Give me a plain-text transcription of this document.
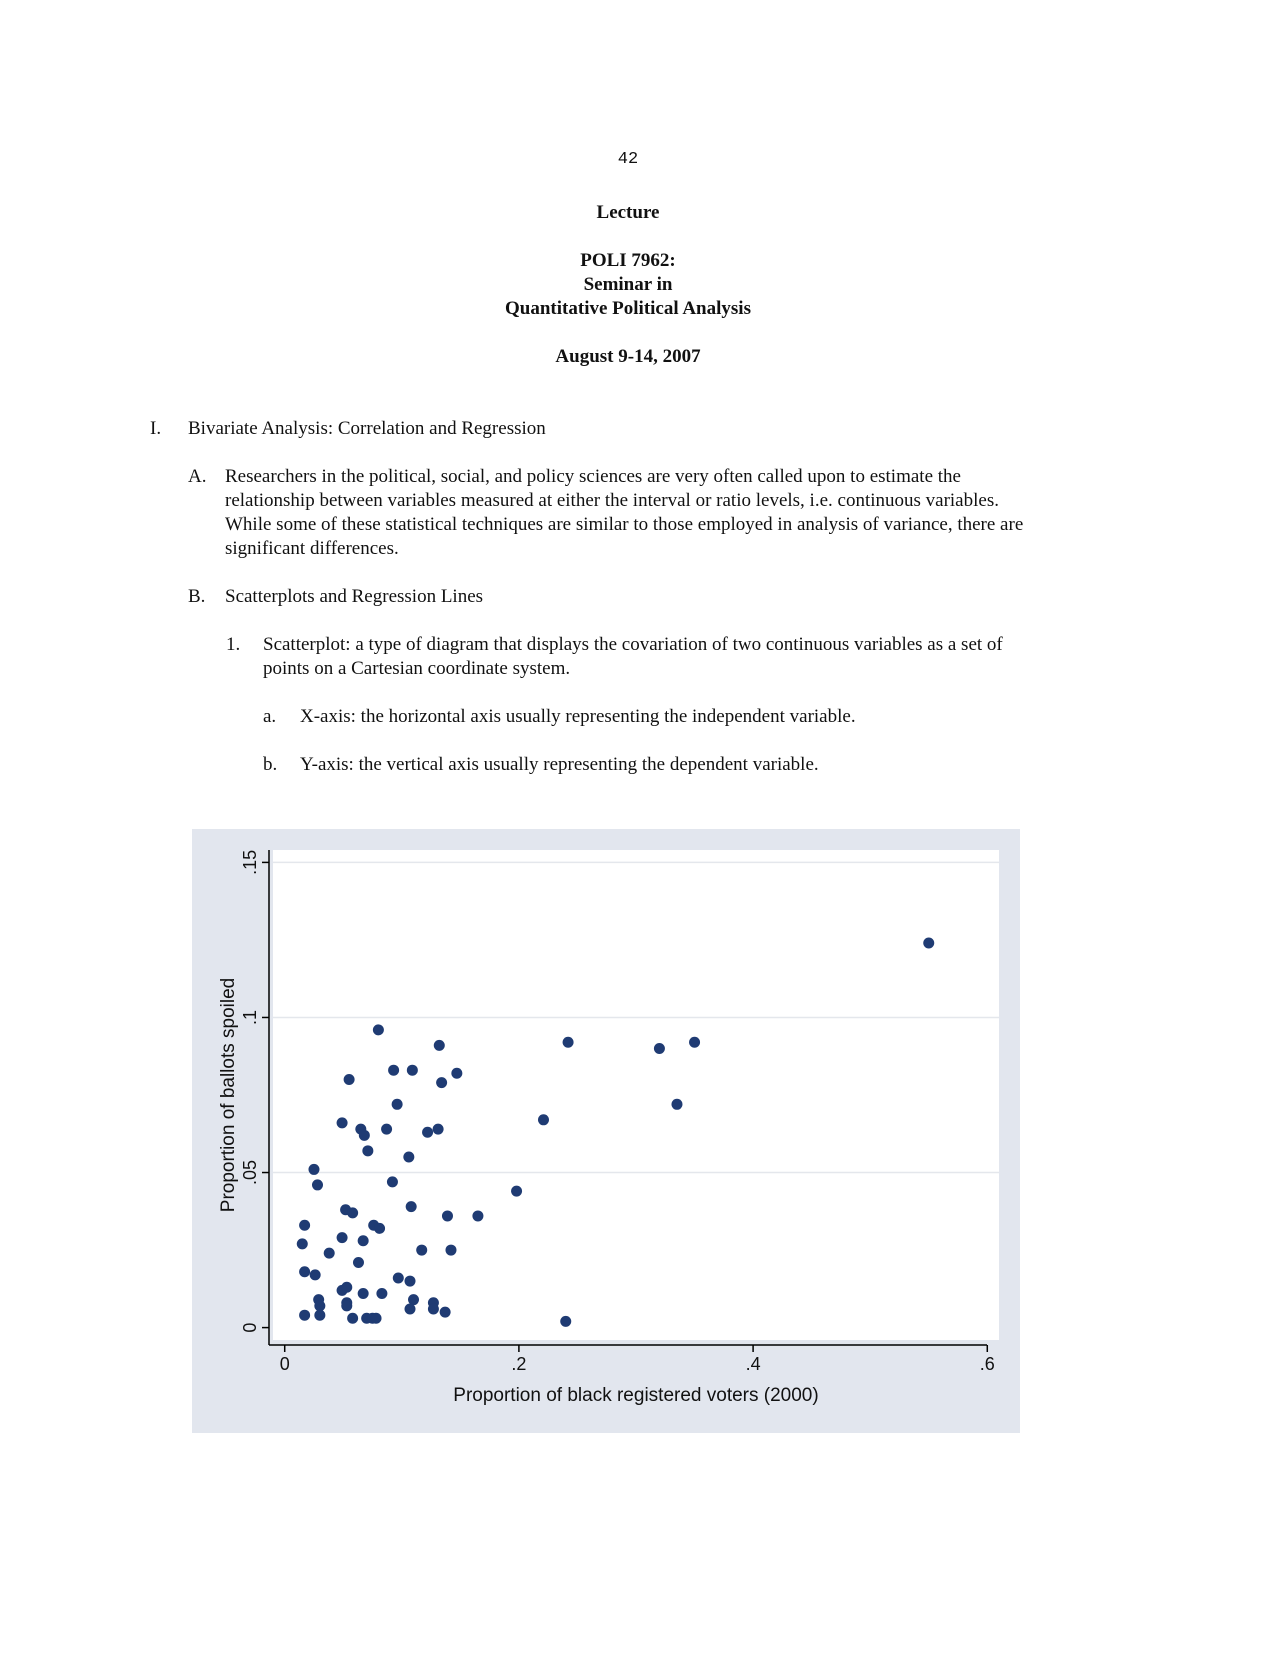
42
Lecture
POLI 7962:
Seminar in
Quantitative Political Analysis
August 9-14, 2007
I. Bivariate Analysis: Correlation and Regression
A. Researchers in the political, social, and policy sciences are very often called upon to estimate the
relationship between variables measured at either the interval or ratio levels, i.e. continuous variables.
While some of these statistical techniques are similar to those employed in analysis of variance, there are
significant differences.
B. Scatterplots and Regression Lines
1. Scatterplot: a type of diagram that displays the covariation of two continuous variables as a set of
points on a Cartesian coordinate system.
a. X-axis: the horizontal axis usually representing the independent variable.
b. Y-axis: the vertical axis usually representing the dependent variable.
0
.05
.1
.15
0	.2	.4	.6
Proportion of black registered voters (2000)
Proportion of ballots spoiled
